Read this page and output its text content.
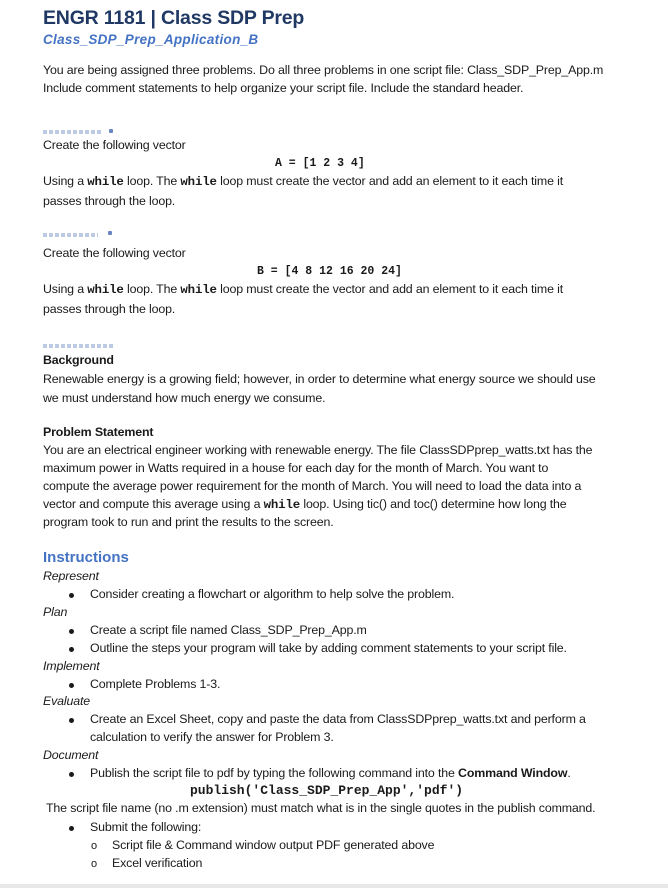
ENGR 1181 | Class SDP Prep
Class_SDP_Prep_Application_B
You are being assigned three problems. Do all three problems in one script file: Class_SDP_Prep_App.m
Include comment statements to help organize your script file. Include the standard header.
Create the following vector
A = [1 2 3 4]
Using a while loop. The while loop must create the vector and add an element to it each time it
passes through the loop.
Create the following vector
B = [4 8 12 16 20 24]
Using a while loop. The while loop must create the vector and add an element to it each time it
passes through the loop.
Background
Renewable energy is a growing field; however, in order to determine what energy source we should use
we must understand how much energy we consume.
Problem Statement
You are an electrical engineer working with renewable energy. The file ClassSDPprep_watts.txt has the
maximum power in Watts required in a house for each day for the month of March. You want to
compute the average power requirement for the month of March. You will need to load the data into a
vector and compute this average using a while loop. Using tic() and toc() determine how long the
program took to run and print the results to the screen.
Instructions
Represent
Consider creating a flowchart or algorithm to help solve the problem.
Plan
Create a script file named Class_SDP_Prep_App.m
Outline the steps your program will take by adding comment statements to your script file.
Implement
Complete Problems 1-3.
Evaluate
Create an Excel Sheet, copy and paste the data from ClassSDPprep_watts.txt and perform a
calculation to verify the answer for Problem 3.
Document
Publish the script file to pdf by typing the following command into the Command Window.
publish('Class_SDP_Prep_App','pdf')
The script file name (no .m extension) must match what is in the single quotes in the publish command.
Submit the following:
o Script file & Command window output PDF generated above
o Excel verification
